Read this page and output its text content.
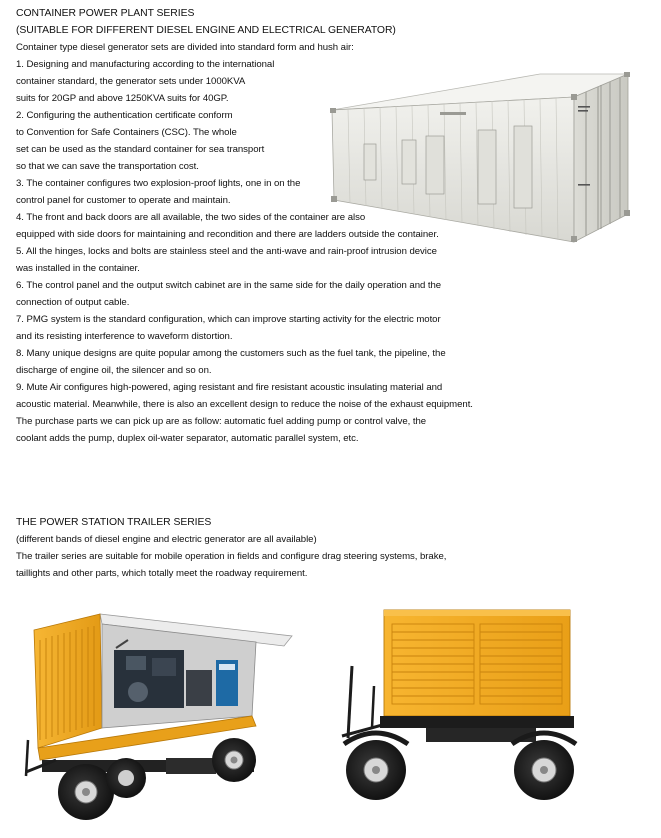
CONTAINER POWER PLANT SERIES

(SUITABLE FOR DIFFERENT DIESEL ENGINE AND ELECTRICAL GENERATOR)

Container type diesel generator sets are divided into standard form and hush air:

1. Designing and manufacturing according to the international

container standard, the generator sets under 1000KVA

suits for 20GP and above 1250KVA suits for 40GP.

2. Configuring the authentication certificate conform

to Convention for Safe Containers (CSC). The whole

set can be used as the standard container for sea transport

so that we can save the transportation cost.

3. The container configures two explosion-proof lights, one in on the

control panel for customer to operate and maintain.

4. The front and back doors are all available, the two sides of the container are also

equipped with side doors for maintaining and recondition and there are ladders outside the container.

5. All the hinges, locks and bolts are stainless steel and the anti-wave and rain-proof intrusion device

was installed in the container.

6. The control panel and the output switch cabinet are in the same side for the daily operation and the

connection of output cable.

7. PMG system is the standard configuration, which can improve starting activity for the electric motor

and its resisting interference to waveform distortion.

8. Many unique designs are quite popular among the customers such as the fuel tank, the pipeline, the

discharge of engine oil, the silencer and so on.

9. Mute Air configures high-powered, aging resistant and fire resistant acoustic insulating material and

acoustic material. Meanwhile, there is also an excellent design to reduce the noise of the exhaust equipment.

The purchase parts we can pick up are as follow: automatic fuel adding pump or control valve, the

coolant adds the pump, duplex oil-water separator, automatic parallel system, etc.

THE POWER STATION TRAILER SERIES

(different bands of diesel engine and electric generator are all available)

The trailer series are suitable for mobile operation in fields and configure drag steering systems, brake,

taillights and other parts, which totally meet the roadway requirement.
